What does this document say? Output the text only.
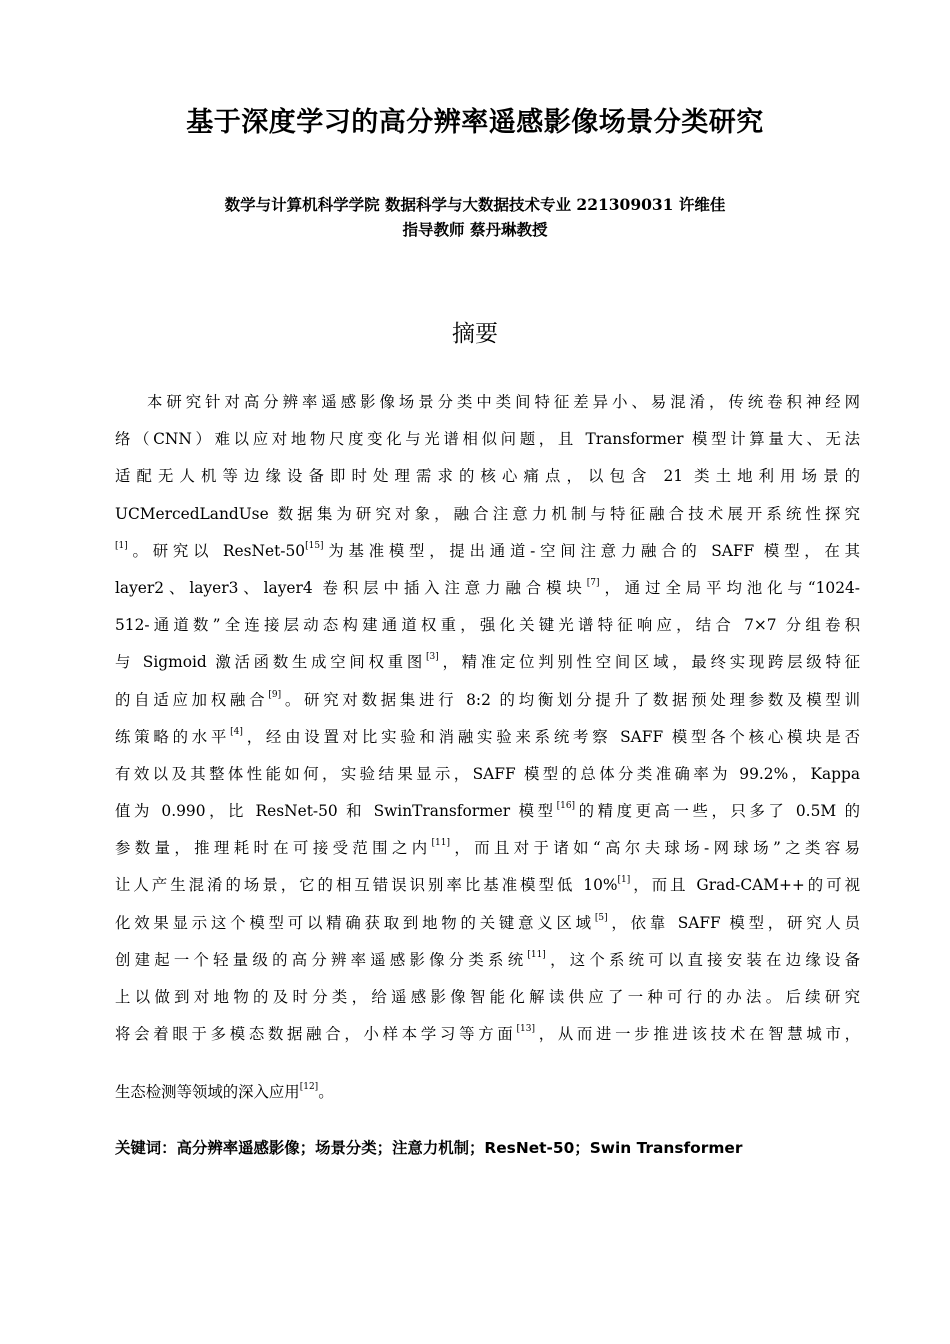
基于深度学习的高分辨率遥感影像场景分类研究
数学与计算机科学学院 数据科学与大数据技术专业 221309031 许维佳
指导教师 蔡丹琳教授
摘要
本研究针对高分辨率遥感影像场景分类中类间特征差异小、易混淆，传统卷积神经网
络（CNN）难以应对地物尺度变化与光谱相似问题，且 Transformer 模型计算量大、无法
适配无人机等边缘设备即时处理需求的核心痛点，以包含 21 类土地利用场景的
UCMercedLandUse 数据集为研究对象，融合注意力机制与特征融合技术展开系统性探究
[1]。研究以 ResNet-50[15]为基准模型，提出通道-空间注意力融合的 SAFF 模型，在其
layer2、layer3、layer4 卷积层中插入注意力融合模块[7]，通过全局平均池化与“1024-
512-通道数”全连接层动态构建通道权重，强化关键光谱特征响应，结合 7×7 分组卷积
与 Sigmoid 激活函数生成空间权重图[3]，精准定位判别性空间区域，最终实现跨层级特征
的自适应加权融合[9]。研究对数据集进行 8:2 的均衡划分提升了数据预处理参数及模型训
练策略的水平[4]，经由设置对比实验和消融实验来系统考察 SAFF 模型各个核心模块是否
有效以及其整体性能如何，实验结果显示，SAFF 模型的总体分类准确率为 99.2%，Kappa
值为 0.990，比 ResNet-50 和 SwinTransformer 模型[16]的精度更高一些，只多了 0.5M 的
参数量，推理耗时在可接受范围之内[11]，而且对于诸如“高尔夫球场-网球场”之类容易
让人产生混淆的场景，它的相互错误识别率比基准模型低 10%[1]，而且 Grad-CAM++的可视
化效果显示这个模型可以精确获取到地物的关键意义区域[5]，依靠 SAFF 模型，研究人员
创建起一个轻量级的高分辨率遥感影像分类系统[11]，这个系统可以直接安装在边缘设备
上以做到对地物的及时分类，给遥感影像智能化解读供应了一种可行的办法。后续研究
将会着眼于多模态数据融合，小样本学习等方面[13]，从而进一步推进该技术在智慧城市，
生态检测等领域的深入应用[12]。
关键词：高分辨率遥感影像；场景分类；注意力机制；ResNet-50；Swin Transformer
